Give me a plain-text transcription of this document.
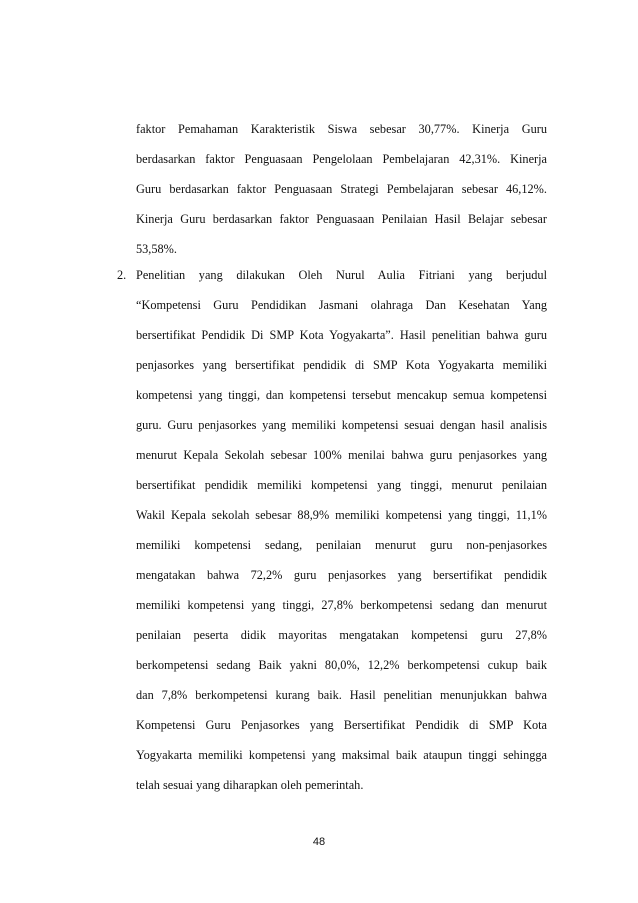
faktor Pemahaman Karakteristik Siswa sebesar 30,77%. Kinerja Guru
berdasarkan faktor Penguasaan Pengelolaan Pembelajaran 42,31%. Kinerja
Guru berdasarkan faktor Penguasaan Strategi Pembelajaran sebesar 46,12%.
Kinerja Guru berdasarkan faktor Penguasaan Penilaian Hasil Belajar sebesar
53,58%.
2. Penelitian yang dilakukan Oleh Nurul Aulia Fitriani yang berjudul
“Kompetensi Guru Pendidikan Jasmani olahraga Dan Kesehatan Yang
bersertifikat Pendidik Di SMP Kota Yogyakarta”. Hasil penelitian bahwa guru
penjasorkes yang bersertifikat pendidik di SMP Kota Yogyakarta memiliki
kompetensi yang tinggi, dan kompetensi tersebut mencakup semua kompetensi
guru. Guru penjasorkes yang memiliki kompetensi sesuai dengan hasil analisis
menurut Kepala Sekolah sebesar 100% menilai bahwa guru penjasorkes yang
bersertifikat pendidik memiliki kompetensi yang tinggi, menurut penilaian
Wakil Kepala sekolah sebesar 88,9% memiliki kompetensi yang tinggi, 11,1%
memiliki kompetensi sedang, penilaian menurut guru non-penjasorkes
mengatakan bahwa 72,2% guru penjasorkes yang bersertifikat pendidik
memiliki kompetensi yang tinggi, 27,8% berkompetensi sedang dan menurut
penilaian peserta didik mayoritas mengatakan kompetensi guru 27,8%
berkompetensi sedang Baik yakni 80,0%, 12,2% berkompetensi cukup baik
dan 7,8% berkompetensi kurang baik. Hasil penelitian menunjukkan bahwa
Kompetensi Guru Penjasorkes yang Bersertifikat Pendidik di SMP Kota
Yogyakarta memiliki kompetensi yang maksimal baik ataupun tinggi sehingga
telah sesuai yang diharapkan oleh pemerintah.
48
